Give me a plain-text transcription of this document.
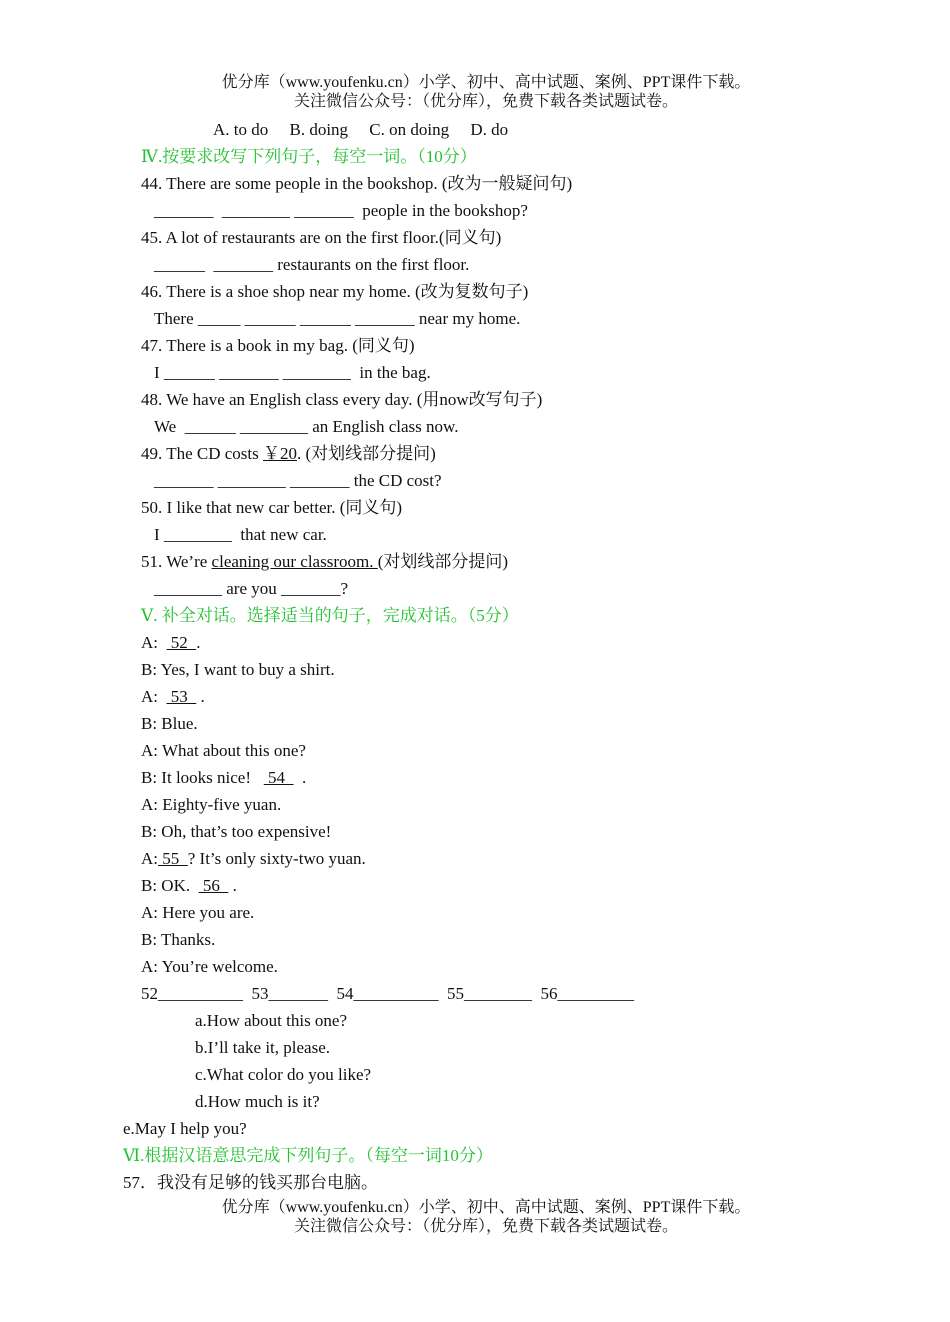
优分库（www.youfenku.cn）小学、初中、高中试题、案例、PPT课件下载。
关注微信公众号：（优分库），免费下载各类试题试卷。
A. to do     B. doing     C. on doing     D. do
Ⅳ.按要求改写下列句子，每空一词。（10分）
44. There are some people in the bookshop. (改为一般疑问句)
_______  ________ _______  people in the bookshop?
45. A lot of restaurants are on the first floor.(同义句)
______  _______ restaurants on the first floor.
46. There is a shoe shop near my home. (改为复数句子)
There _____ ______ ______ _______ near my home.
47. There is a book in my bag. (同义句)
I ______ _______ ________  in the bag.
48. We have an English class every day. (用now改写句子)
We  ______ ________ an English class now.
49. The CD costs ￥20. (对划线部分提问)
_______ ________ _______ the CD cost?
50. I like that new car better. (同义句)
I ________  that new car.
51. We’re cleaning our classroom. (对划线部分提问)
________ are you _______?
Ⅴ. 补全对话。选择适当的句子，完成对话。（5分）
A:   52  .
B: Yes, I want to buy a shirt.
A:   53   .
B: Blue.
A: What about this one?
B: It looks nice!    54    .
A: Eighty-five yuan.
B: Oh, that’s too expensive!
A: 55  ? It’s only sixty-two yuan.
B: OK.   56   .
A: Here you are.
B: Thanks.
A: You’re welcome.
52__________  53_______  54__________  55________  56_________
a.How about this one?
b.I’ll take it, please.
c.What color do you like?
d.How much is it?
e.May I help you?
Ⅵ.根据汉语意思完成下列句子。（每空一词10分）
57．我没有足够的钱买那台电脑。
优分库（www.youfenku.cn）小学、初中、高中试题、案例、PPT课件下载。
关注微信公众号：（优分库），免费下载各类试题试卷。
